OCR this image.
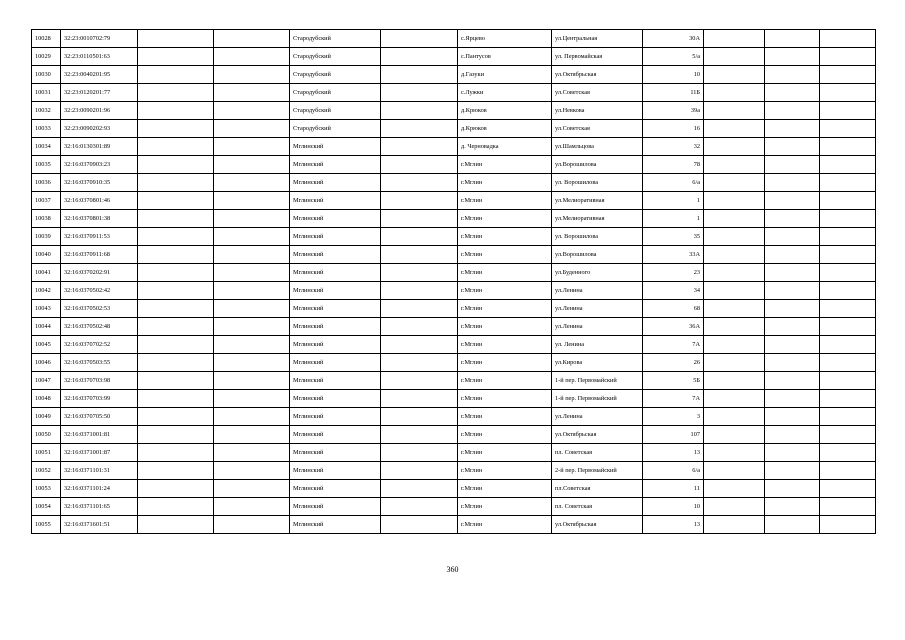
10028	32:23:0010702:79			Стародубский		с.Ярцево	ул.Центральная	30А			
10029	32:23:0110501:63			Стародубский		с.Пантусов	ул. Первомайская	5/а			
10030	32:23:0040201:95			Стародубский		д.Газуки	ул.Октябрьская	10			
10031	32:23:0120201:77			Стародубский		с.Лужки	ул.Советская	11Б			
10032	32:23:0090201:96			Стародубский		д.Крюков	ул.Невкова	39а			
10033	32:23:0090202:93			Стародубский		д.Крюков	ул.Советская	16			
10034	32:16:0130301:89			Мглинский		д. Черновадка	ул.Шамльцова	32			
10035	32:16:0370903:23			Мглинский		г.Мглин	ул.Ворошилова	78			
10036	32:16:0370910:35			Мглинский		г.Мглин	ул. Ворошилова	6/а			
10037	32:16:0370801:46			Мглинский		г.Мглин	ул.Мелиоративная	1			
10038	32:16:0370801:38			Мглинский		г.Мглин	ул.Мелиоративная	1			
10039	32:16:0370911:53			Мглинский		г.Мглин	ул. Ворошилова	35			
10040	32:16:0370911:68			Мглинский		г.Мглин	ул.Ворошилова	33А			
10041	32:16:0370202:91			Мглинский		г.Мглин	ул.Буденного	23			
10042	32:16:0370502:42			Мглинский		г.Мглин	ул.Ленина	34			
10043	32:16:0370502:53			Мглинский		г.Мглин	ул.Ленина	68			
10044	32:16:0370502:48			Мглинский		г.Мглин	ул.Ленина	36А			
10045	32:16:0370702:52			Мглинский		г.Мглин	ул. Ленина	7А			
10046	32:16:0370503:55			Мглинский		г.Мглин	ул.Кирова	26			
10047	32:16:0370703:98			Мглинский		г.Мглин	1-й пер. Первомайский	5Б			
10048	32:16:0370703:99			Мглинский		г.Мглин	1-й пер. Первомайский	7А			
10049	32:16:0370705:50			Мглинский		г.Мглин	ул.Ленина	3			
10050	32:16:0371001:81			Мглинский		г.Мглин	ул.Октябрьская	107			
10051	32:16:0371001:87			Мглинский		г.Мглин	пл. Советская	13			
10052	32:16:0371101:31			Мглинский		г.Мглин	2-й пер. Первомайский	6/а			
10053	32:16:0371101:24			Мглинский		г.Мглин	пл.Советская	11			
10054	32:16:0371101:65			Мглинский		г.Мглин	пл. Советская	10			
10055	32:16:0371601:51			Мглинский		г.Мглин	ул.Октябрьская	13			
360
